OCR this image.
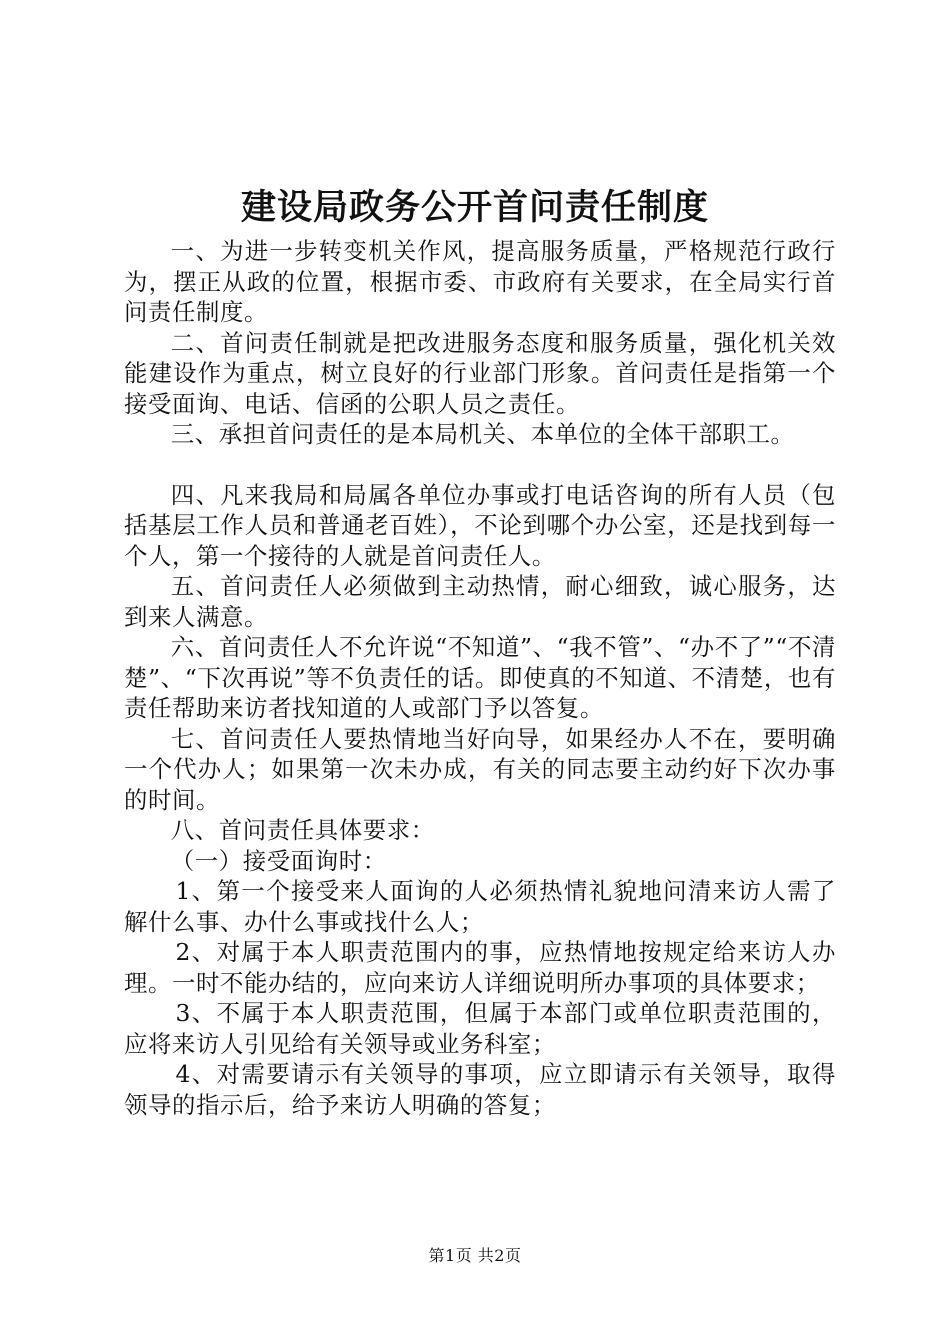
建设局政务公开首问责任制度

一、为进一步转变机关作风，提高服务质量，严格规范行政行为，摆正从政的位置，根据市委、市政府有关要求，在全局实行首问责任制度。

二、首问责任制就是把改进服务态度和服务质量，强化机关效能建设作为重点，树立良好的行业部门形象。首问责任是指第一个接受面询、电话、信函的公职人员之责任。

三、承担首问责任的是本局机关、本单位的全体干部职工。

四、凡来我局和局属各单位办事或打电话咨询的所有人员（包括基层工作人员和普通老百姓），不论到哪个办公室，还是找到每一个人，第一个接待的人就是首问责任人。

五、首问责任人必须做到主动热情，耐心细致，诚心服务，达到来人满意。

六、首问责任人不允许说“不知道”、“我不管”、“办不了”“不清楚”、“下次再说”等不负责任的话。即使真的不知道、不清楚，也有责任帮助来访者找知道的人或部门予以答复。

七、首问责任人要热情地当好向导，如果经办人不在，要明确一个代办人；如果第一次未办成，有关的同志要主动约好下次办事的时间。

八、首问责任具体要求：

（一）接受面询时：

1、第一个接受来人面询的人必须热情礼貌地问清来访人需了解什么事、办什么事或找什么人；

2、对属于本人职责范围内的事，应热情地按规定给来访人办理。一时不能办结的，应向来访人详细说明所办事项的具体要求；

3、不属于本人职责范围，但属于本部门或单位职责范围的，应将来访人引见给有关领导或业务科室；

4、对需要请示有关领导的事项，应立即请示有关领导，取得领导的指示后，给予来访人明确的答复；

第1页 共2页
